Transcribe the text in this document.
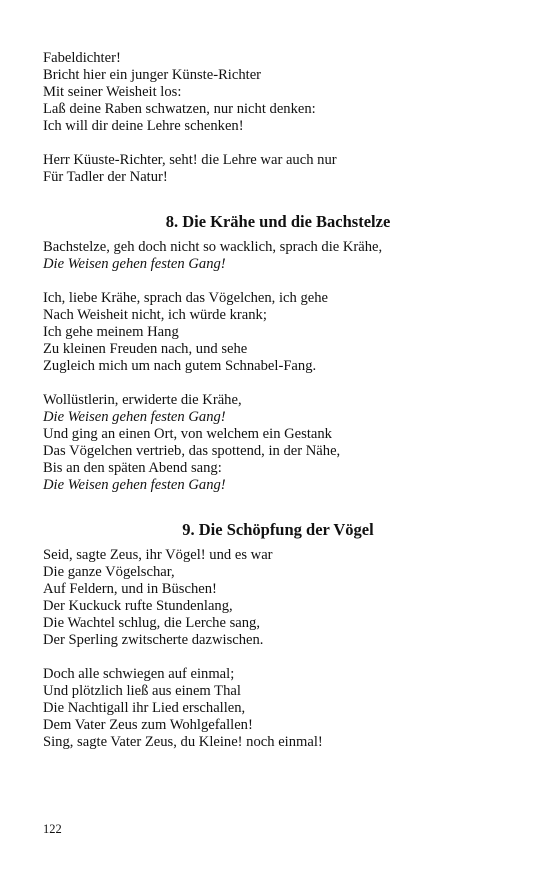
Fabeldichter!
Bricht hier ein junger Künste-Richter
Mit seiner Weisheit los:
Laß deine Raben schwatzen, nur nicht denken:
Ich will dir deine Lehre schenken!
Herr Küuste-Richter, seht! die Lehre war auch nur
Für Tadler der Natur!
8. Die Krähe und die Bachstelze
Bachstelze, geh doch nicht so wacklich, sprach die Krähe,
Die Weisen gehen festen Gang!
Ich, liebe Krähe, sprach das Vögelchen, ich gehe
Nach Weisheit nicht, ich würde krank;
Ich gehe meinem Hang
Zu kleinen Freuden nach, und sehe
Zugleich mich um nach gutem Schnabel-Fang.
Wollüstlerin, erwiderte die Krähe,
Die Weisen gehen festen Gang!
Und ging an einen Ort, von welchem ein Gestank
Das Vögelchen vertrieb, das spottend, in der Nähe,
Bis an den späten Abend sang:
Die Weisen gehen festen Gang!
9. Die Schöpfung der Vögel
Seid, sagte Zeus, ihr Vögel! und es war
Die ganze Vögelschar,
Auf Feldern, und in Büschen!
Der Kuckuck rufte Stundenlang,
Die Wachtel schlug, die Lerche sang,
Der Sperling zwitscherte dazwischen.
Doch alle schwiegen auf einmal;
Und plötzlich ließ aus einem Thal
Die Nachtigall ihr Lied erschallen,
Dem Vater Zeus zum Wohlgefallen!
Sing, sagte Vater Zeus, du Kleine! noch einmal!
122
